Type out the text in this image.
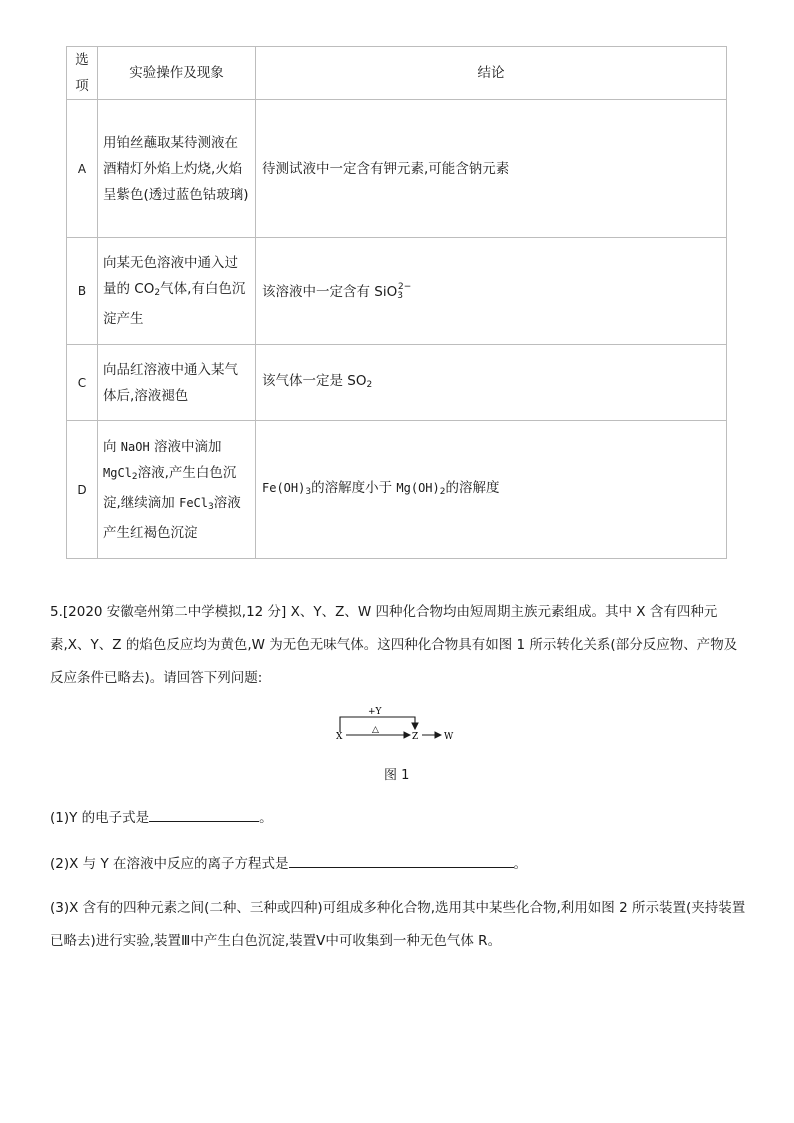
选项	实验操作及现象	结论
A	用铂丝蘸取某待测液在酒精灯外焰上灼烧,火焰呈紫色(透过蓝色钴玻璃)	待测试液中一定含有钾元素,可能含钠元素
B	向某无色溶液中通入过量的 $CO_2$气体,有白色沉淀产生	该溶液中一定含有 SiO$_3^{2-}$
C	向品红溶液中通入某气体后,溶液褪色	该气体一定是 $SO_2$
D	向 NaOH 溶液中滴加 MgCl$_2$溶液,产生白色沉淀,继续滴加 FeCl$_3$溶液产生红褐色沉淀	$Fe(OH)_3$的溶解度小于 $Mg(OH)_2$的溶解度
5.[2020 安徽亳州第二中学模拟,12 分] X、Y、Z、W 四种化合物均由短周期主族元素组成。其中 X 含有四种元素,X、Y、Z 的焰色反应均为黄色,W 为无色无味气体。这四种化合物具有如图 1 所示转化关系(部分反应物、产物及反应条件已略去)。请回答下列问题:
+Y
△
X	Z	W
图 1
(1)Y 的电子式是	。
(2)X 与 Y 在溶液中反应的离子方程式是	。
(3)X 含有的四种元素之间(二种、三种或四种)可组成多种化合物,选用其中某些化合物,利用如图 2 所示装置(夹持装置已略去)进行实验,装置Ⅲ中产生白色沉淀,装置Ⅴ中可收集到一种无色气体 R。
